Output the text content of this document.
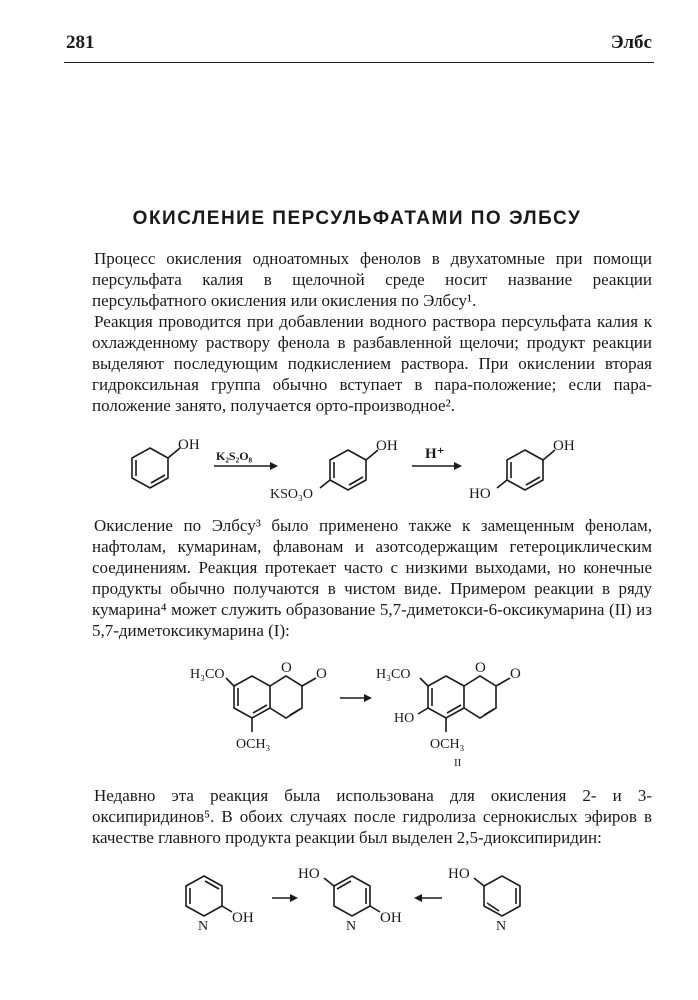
281	Элбс
ОКИСЛЕНИЕ ПЕРСУЛЬФАТАМИ ПО ЭЛБСУ

Процесс окисления одноатомных фенолов в двухатомные при помощи персульфата калия в щелочной среде носит название реакции персульфатного окисления или окисления по Элбсу¹.

Реакция проводится при добавлении водного раствора персульфата калия к охлажденному раствору фенола в разбавленной щелочи; продукт реакции выделяют последующим подкислением раствора. При окислении вторая гидроксильная группа обычно вступает в пара-положение; если пара-положение занято, получается орто-производное².

OH
K₂S₂O₈
OH
KSO₃O
H⁺	OH
HO

Окисление по Элбсу³ было применено также к замещенным фенолам, нафтолам, кумаринам, флавонам и азотсодержащим гетероциклическим соединениям. Реакция протекает часто с низкими выходами, но конечные продукты обычно получаются в чистом виде. Примером реакции в ряду кумарина⁴ может служить образование 5,7-диметокси-6-оксикумарина (II) из 5,7-диметоксикумарина (I):

O O
H₃CO
OCH₃
O O
H₃CO
HO
OCH₃
II

Недавно эта реакция была использована для окисления 2- и 3-оксипиридинов⁵. В обоих случаях после гидролиза сернокислых эфиров в качестве главного продукта реакции был выделен 2,5-диоксипиридин:

N
OH
HO
N
OH
HO
N
